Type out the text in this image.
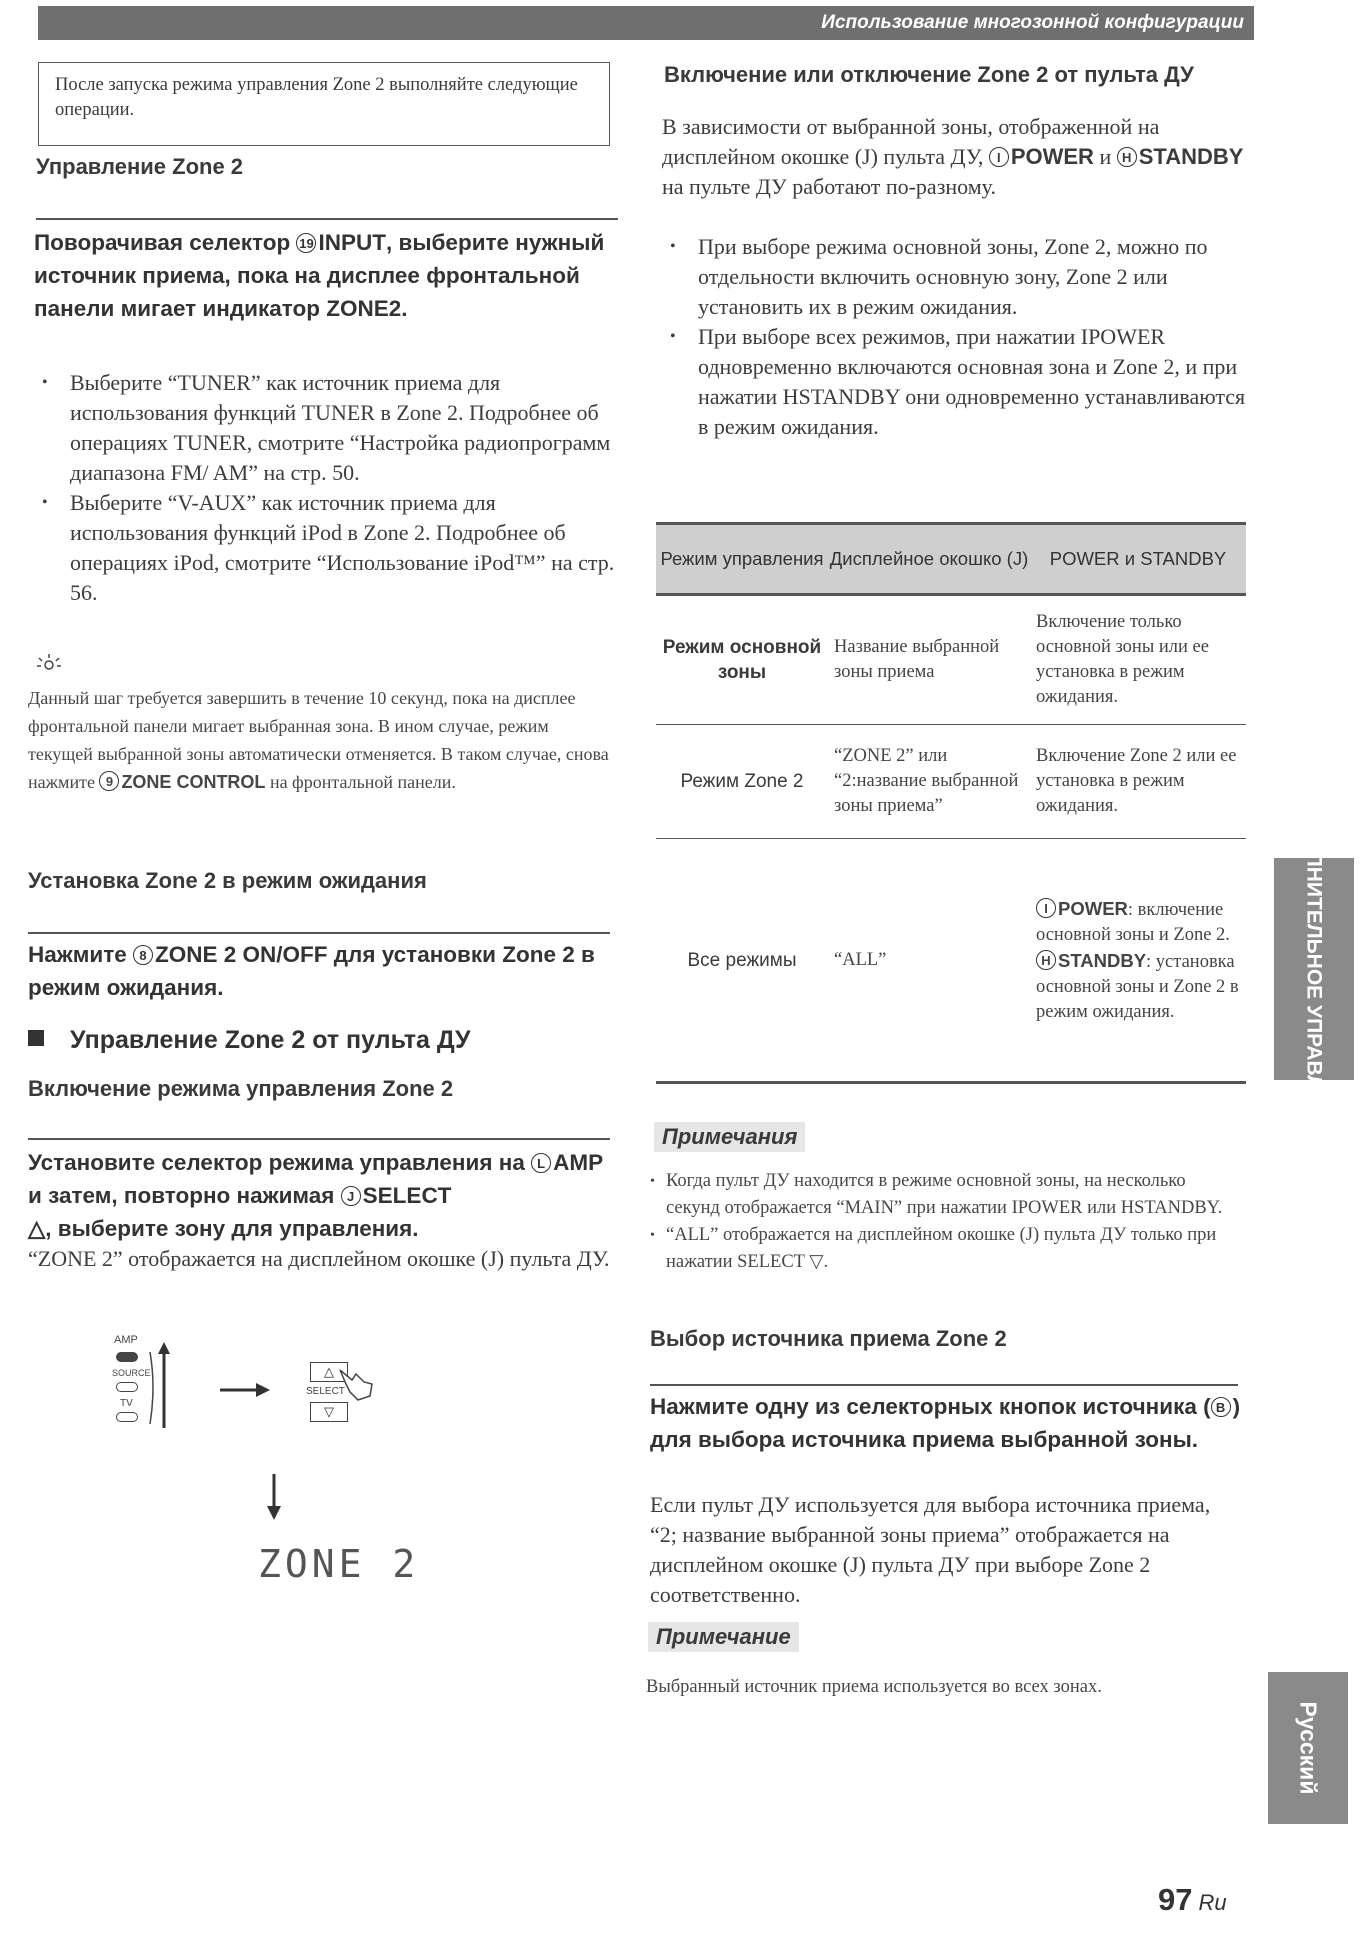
Использование многозонной конфигурации
После запуска режима управления Zone 2 выполняйте следующие операции.
Управление Zone 2
Поворачивая селектор 19 INPUT, выберите нужный источник приема, пока на дисплее фронтальной панели мигает индикатор ZONE2.
• Выберите “TUNER” как источник приема для использования функций TUNER в Zone 2. Подробнее об операциях TUNER, смотрите “Настройка радиопрограмм диапазона FM/ AM” на стр. 50.
• Выберите “V-AUX” как источник приема для использования функций iPod в Zone 2. Подробнее об операциях iPod, смотрите “Использование iPod™” на стр. 56.
Данный шаг требуется завершить в течение 10 секунд, пока на дисплее фронтальной панели мигает выбранная зона. В ином случае, режим текущей выбранной зоны автоматически отменяется. В таком случае, снова нажмите 9 ZONE CONTROL на фронтальной панели.
Установка Zone 2 в режим ожидания
Нажмите 8 ZONE 2 ON/OFF для установки Zone 2 в режим ожидания.
Управление Zone 2 от пульта ДУ
Включение режима управления Zone 2
Установите селектор режима управления на L AMP и затем, повторно нажимая J SELECT
△, выберите зону для управления.
“ZONE 2” отображается на дисплейном окошке (J) пульта ДУ.
AMP
SOURCE
TV
△
SELECT
▽
ZONE 2
Включение или отключение Zone 2 от пульта ДУ
В зависимости от выбранной зоны, отображенной на дисплейном окошке (J) пульта ДУ, I POWER и H STANDBY на пульте ДУ работают по-разному.
• При выборе режима основной зоны, Zone 2, можно по отдельности включить основную зону, Zone 2 или установить их в режим ожидания.
• При выборе всех режимов, при нажатии IPOWER одновременно включаются основная зона и Zone 2, и при нажатии HSTANDBY они одновременно устанавливаются в режим ожидания.
Режим управления	Дисплейное окошко (J)	POWER и STANDBY
Режим основной зоны	Название выбранной зоны приема	Включение только основной зоны или ее установка в режим ожидания.
Режим Zone 2	“ZONE 2” или “2:название выбранной зоны приема”	Включение Zone 2 или ее установка в режим ожидания.
Все режимы	“ALL”	I POWER: включение основной зоны и Zone 2.
H STANDBY: установка основной зоны и Zone 2 в режим ожидания.
Примечания
• Когда пульт ДУ находится в режиме основной зоны, на несколько секунд отображается “MAIN” при нажатии IPOWER или HSTANDBY.
• “ALL” отображается на дисплейном окошке (J) пульта ДУ только при нажатии SELECT ▽.
Выбор источника приема Zone 2
Нажмите одну из селекторных кнопок источника ( B ) для выбора источника приема выбранной зоны.
Если пульт ДУ используется для выбора источника приема, “2; название выбранной зоны приема” отображается на дисплейном окошке (J) пульта ДУ при выборе Zone 2 соответственно.
Примечание
Выбранный источник приема используется во всех зонах.
ДОПОЛНИТЕЛЬНОЕ УПРАВЛЕНИЕ
Русский
97 Ru
